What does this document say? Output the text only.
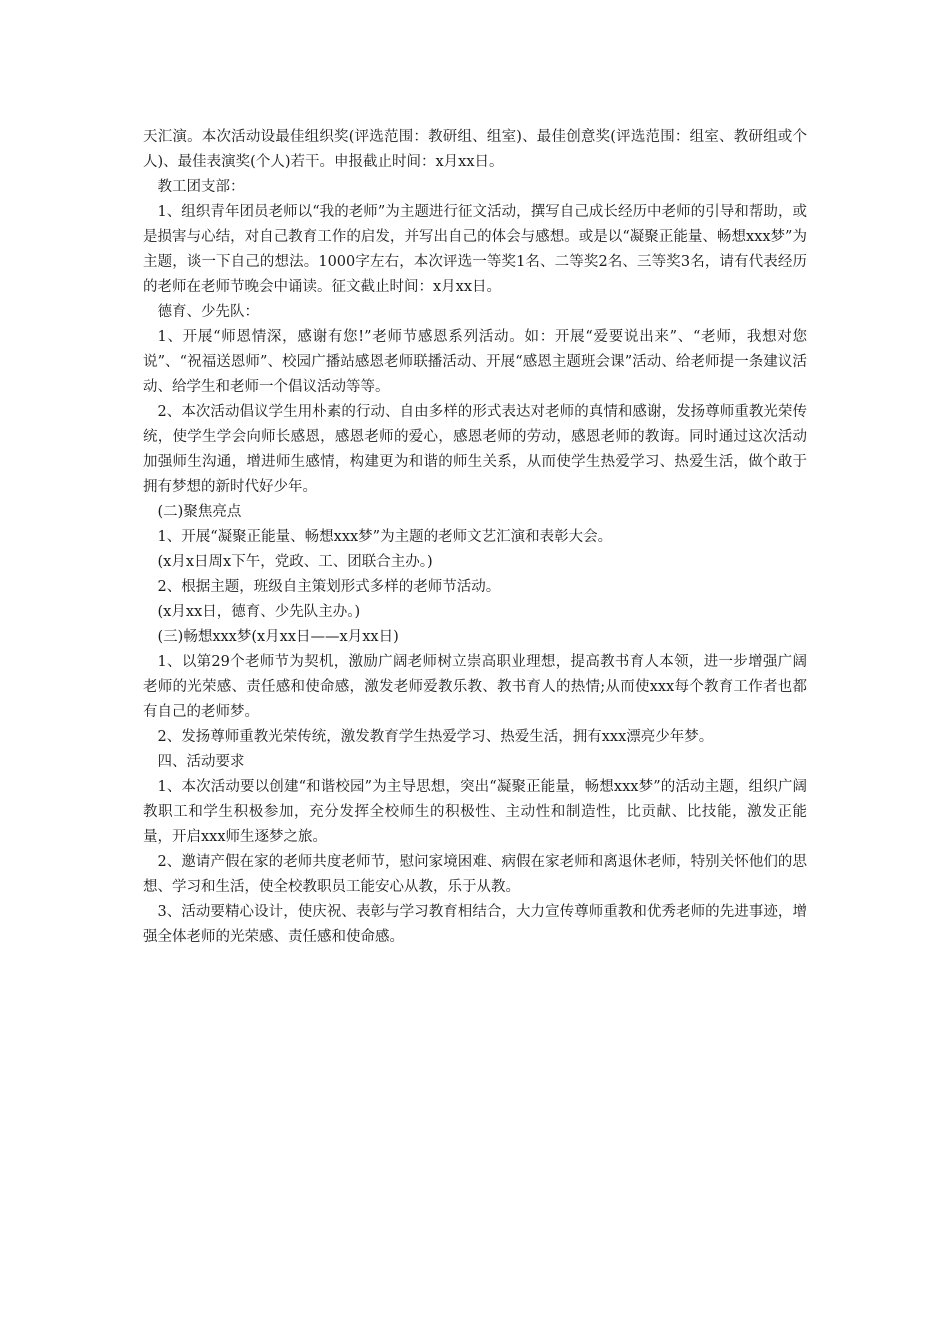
天汇演。本次活动设最佳组织奖(评选范围：教研组、组室)、最佳创意奖(评选范围：组室、教研组或个人)、最佳表演奖(个人)若干。申报截止时间：x月xx日。

教工团支部：

1、组织青年团员老师以“我的老师”为主题进行征文活动，撰写自己成长经历中老师的引导和帮助，或是损害与心结，对自己教育工作的启发，并写出自己的体会与感想。或是以“凝聚正能量、畅想xxx梦”为主题，谈一下自己的想法。1000字左右，本次评选一等奖1名、二等奖2名、三等奖3名，请有代表经历的老师在老师节晚会中诵读。征文截止时间：x月xx日。

德育、少先队：

1、开展“师恩情深，感谢有您!”老师节感恩系列活动。如：开展“爱要说出来”、“老师，我想对您说”、“祝福送恩师”、校园广播站感恩老师联播活动、开展“感恩主题班会课”活动、给老师提一条建议活动、给学生和老师一个倡议活动等等。

2、本次活动倡议学生用朴素的行动、自由多样的形式表达对老师的真情和感谢，发扬尊师重教光荣传统，使学生学会向师长感恩，感恩老师的爱心，感恩老师的劳动，感恩老师的教诲。同时通过这次活动加强师生沟通，增进师生感情，构建更为和谐的师生关系，从而使学生热爱学习、热爱生活，做个敢于拥有梦想的新时代好少年。

(二)聚焦亮点

1、开展“凝聚正能量、畅想xxx梦”为主题的老师文艺汇演和表彰大会。

(x月x日周x下午，党政、工、团联合主办。)

2、根据主题，班级自主策划形式多样的老师节活动。

(x月xx日，德育、少先队主办。)

(三)畅想xxx梦(x月xx日——x月xx日)

1、以第29个老师节为契机，激励广阔老师树立崇高职业理想，提高教书育人本领，进一步增强广阔老师的光荣感、责任感和使命感，激发老师爱教乐教、教书育人的热情;从而使xxx每个教育工作者也都有自己的老师梦。

2、发扬尊师重教光荣传统，激发教育学生热爱学习、热爱生活，拥有xxx漂亮少年梦。

四、活动要求

1、本次活动要以创建“和谐校园”为主导思想，突出“凝聚正能量，畅想xxx梦”的活动主题，组织广阔教职工和学生积极参加，充分发挥全校师生的积极性、主动性和制造性，比贡献、比技能，激发正能量，开启xxx师生逐梦之旅。

2、邀请产假在家的老师共度老师节，慰问家境困难、病假在家老师和离退休老师，特别关怀他们的思想、学习和生活，使全校教职员工能安心从教，乐于从教。

3、活动要精心设计，使庆祝、表彰与学习教育相结合，大力宣传尊师重教和优秀老师的先进事迹，增强全体老师的光荣感、责任感和使命感。
